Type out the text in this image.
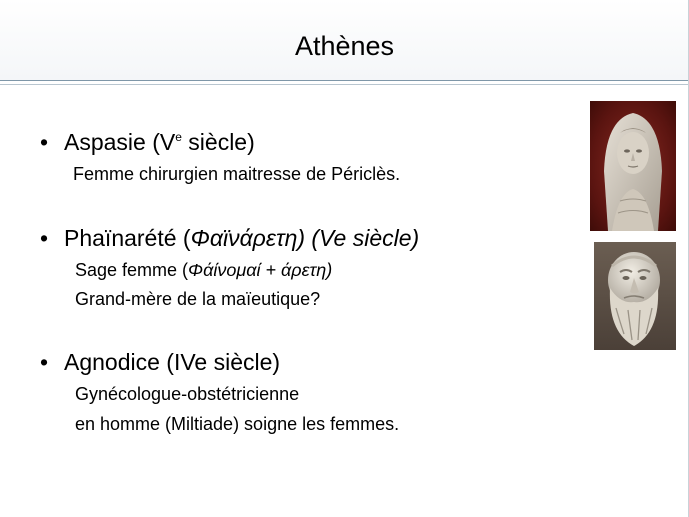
Athènes
• Aspasie (Ve siècle)
Femme chirurgien maitresse de Périclès.
• Phaïnarété (Φαϊνάρετη) (Ve siècle)
Sage femme (Φάίνομαί + άρετη)
Grand-mère de la maïeutique?
• Agnodice (IVe siècle)
Gynécologue-obstétricienne
en homme (Miltiade) soigne les femmes.
